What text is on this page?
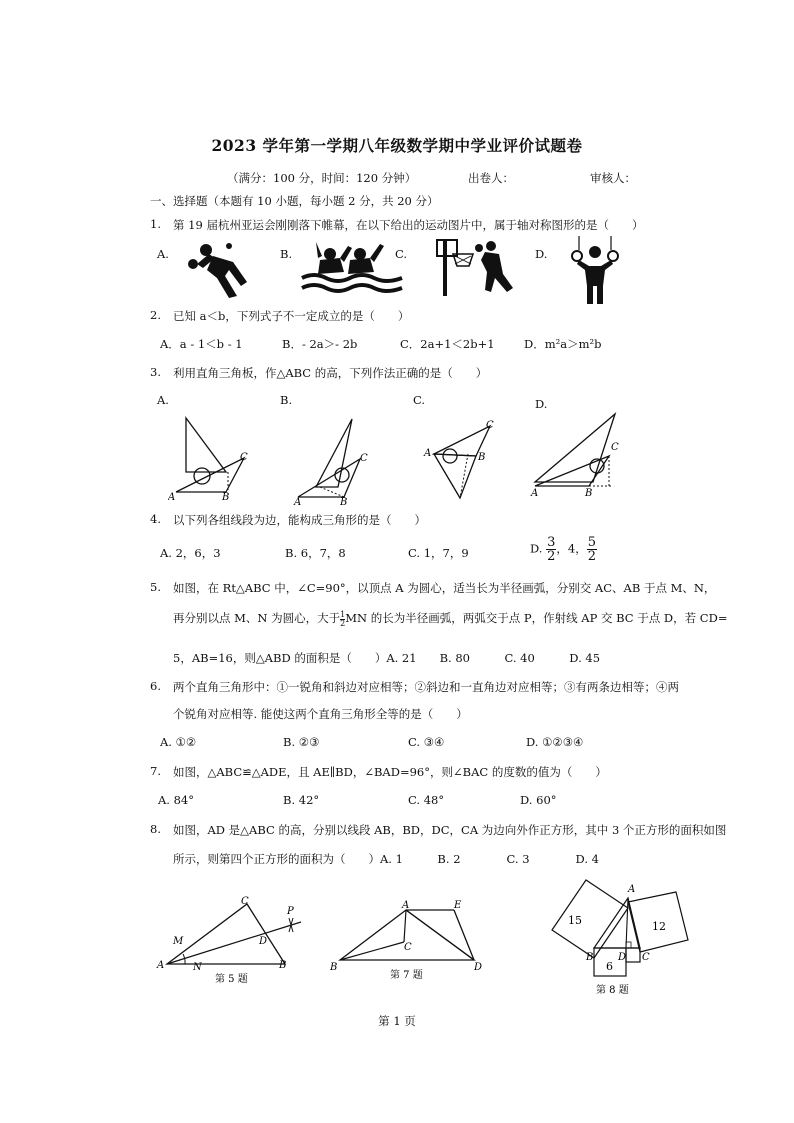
2023 学年第一学期八年级数学期中学业评价试题卷
（满分：100 分，时间：120 分钟）	出卷人：	审核人：
一、选择题（本题有 10 小题，每小题 2 分，共 20 分）
1. 第 19 届杭州亚运会刚刚落下帷幕，在以下给出的运动图片中，属于轴对称图形的是（　　）
A.	B.	C.	D.
2. 已知 a＜b，下列式子不一定成立的是（　　）
A．a - 1＜b - 1	B．- 2a＞- 2b	C．2a+1＜2b+1	D．m²a＞m²b
3. 利用直角三角板，作△ABC 的高，下列作法正确的是（　　）
A.	B.	C.	D.
A	B
C
A	B
C	A	B
C
A	B
C
4. 以下列各组线段为边，能构成三角形的是（　　）
A. 2，6，3	B. 6，7，8	C. 1，7，9	D. $\frac{3}{2}$ ，4， $\frac{5}{2}$
5. 如图，在 Rt△ABC 中，∠C=90°，以顶点 A 为圆心，适当长为半径画弧，分别交 AC、AB 于点 M、N，
再分别以点 M、N 为圆心，大于 $\frac{1}{2}MN$ 的长为半径画弧，两弧交于点 P，作射线 AP 交 BC 于点 D，若 CD=
5，AB=16，则△ABD 的面积是（　　）A. 21　　B. 80　　　C. 40　　　D. 45
6. 两个直角三角形中：①一锐角和斜边对应相等；②斜边和一直角边对应相等；③有两条边相等；④两
个锐角对应相等. 能使这两个直角三角形全等的是（　　）
A. ①②	B. ②③	C. ③④	D. ①②③④
7. 如图，△ABC≌△ADE，且 AE∥BD，∠BAD=96°，则∠BAC 的度数的值为（　　）
A. 84°	B. 42°	C. 48°	D. 60°
8. 如图，AD 是△ABC 的高，分别以线段 AB，BD，DC，CA 为边向外作正方形，其中 3 个正方形的面积如图
所示，则第四个正方形的面积为（　　）A. 1　　　B. 2　　　　C. 3　　　　D. 4
A	B
C
M
N
D
P
第 5 题
B
A	E
C
D
第 7 题
15	12
6
A
B D C
第 8 题
第 1 页
